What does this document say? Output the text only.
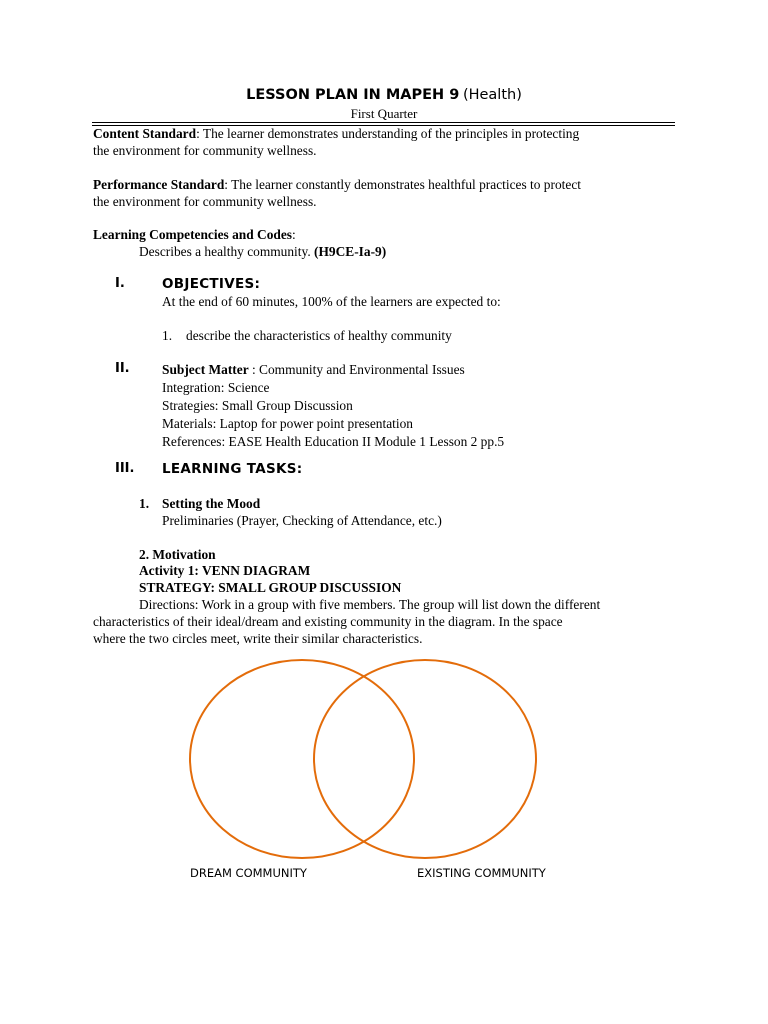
LESSON PLAN IN MAPEH 9 (Health)
First Quarter
Content Standard: The learner demonstrates understanding of the principles in protecting
the environment for community wellness.
Performance Standard: The learner constantly demonstrates healthful practices to protect
the environment for community wellness.
Learning Competencies and Codes:
Describes a healthy community. (H9CE-Ia-9)
I.	OBJECTIVES:
At the end of 60 minutes, 100% of the learners are expected to:
1. describe the characteristics of healthy community
II. Subject Matter : Community and Environmental Issues
Integration: Science
Strategies: Small Group Discussion
Materials: Laptop for power point presentation
References: EASE Health Education II Module 1 Lesson 2 pp.5
III. LEARNING TASKS:
1. Setting the Mood
Preliminaries (Prayer, Checking of Attendance, etc.)
2. Motivation
Activity 1: VENN DIAGRAM
STRATEGY: SMALL GROUP DISCUSSION
Directions: Work in a group with five members. The group will list down the different
characteristics of their ideal/dream and existing community in the diagram. In the space
where the two circles meet, write their similar characteristics.
DREAM COMMUNITY	EXISTING COMMUNITY
